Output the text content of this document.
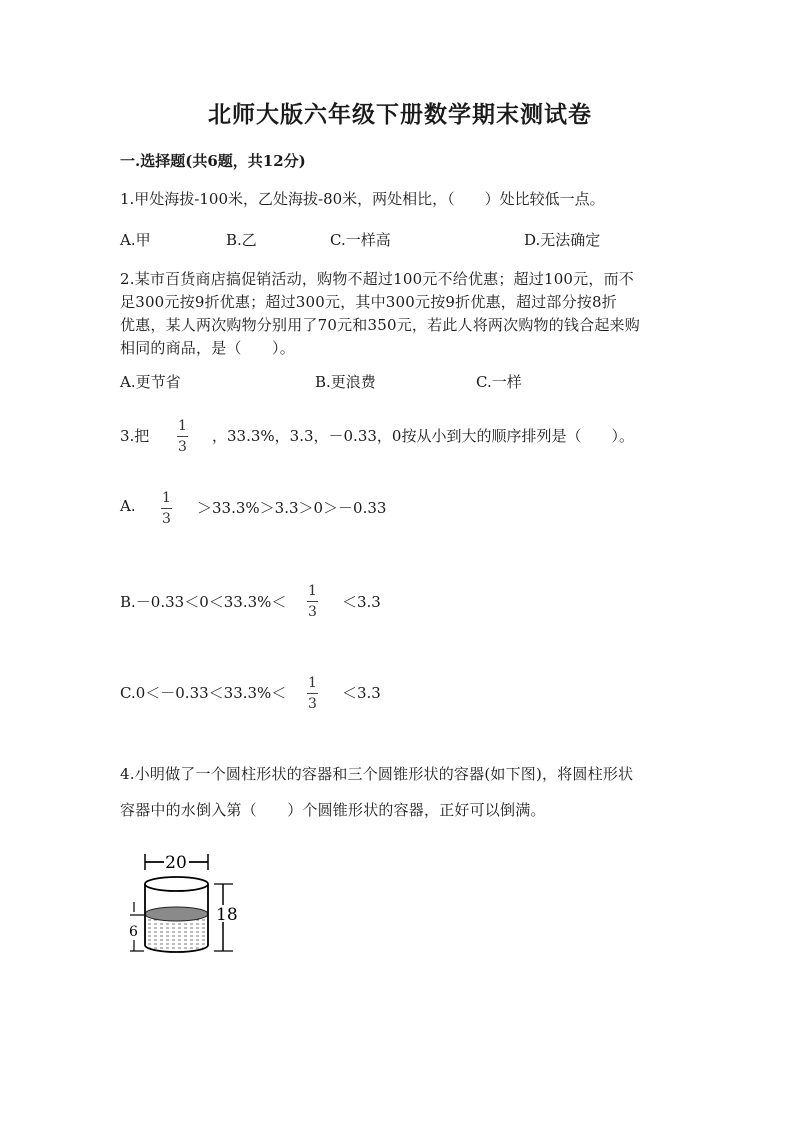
北师大版六年级下册数学期末测试卷
一.选择题(共6题，共12分)
1.甲处海拔-100米，乙处海拔-80米，两处相比，（　　）处比较低一点。
A.甲	B.乙	C.一样高	D.无法确定
2.某市百货商店搞促销活动，购物不超过100元不给优惠；超过100元，而不
足300元按9折优惠；超过300元，其中300元按9折优惠，超过部分按8折
优惠，某人两次购物分别用了70元和350元，若此人将两次购物的钱合起来购
相同的商品，是（　　）。
A.更节省	B.更浪费	C.一样
3.把
1
3
，33.3%，3.3，－0.33，0按从小到大的顺序排列是（　　）。
A. 1
3
＞33.3%＞3.3＞0＞－0.33
B.－0.33＜0＜33.3%＜
1
3
＜3.3
C.0＜－0.33＜33.3%＜
1
3
＜3.3
4.小明做了一个圆柱形状的容器和三个圆锥形状的容器(如下图)，将圆柱形状
容器中的水倒入第（　　）个圆锥形状的容器，正好可以倒满。
20
18
6
